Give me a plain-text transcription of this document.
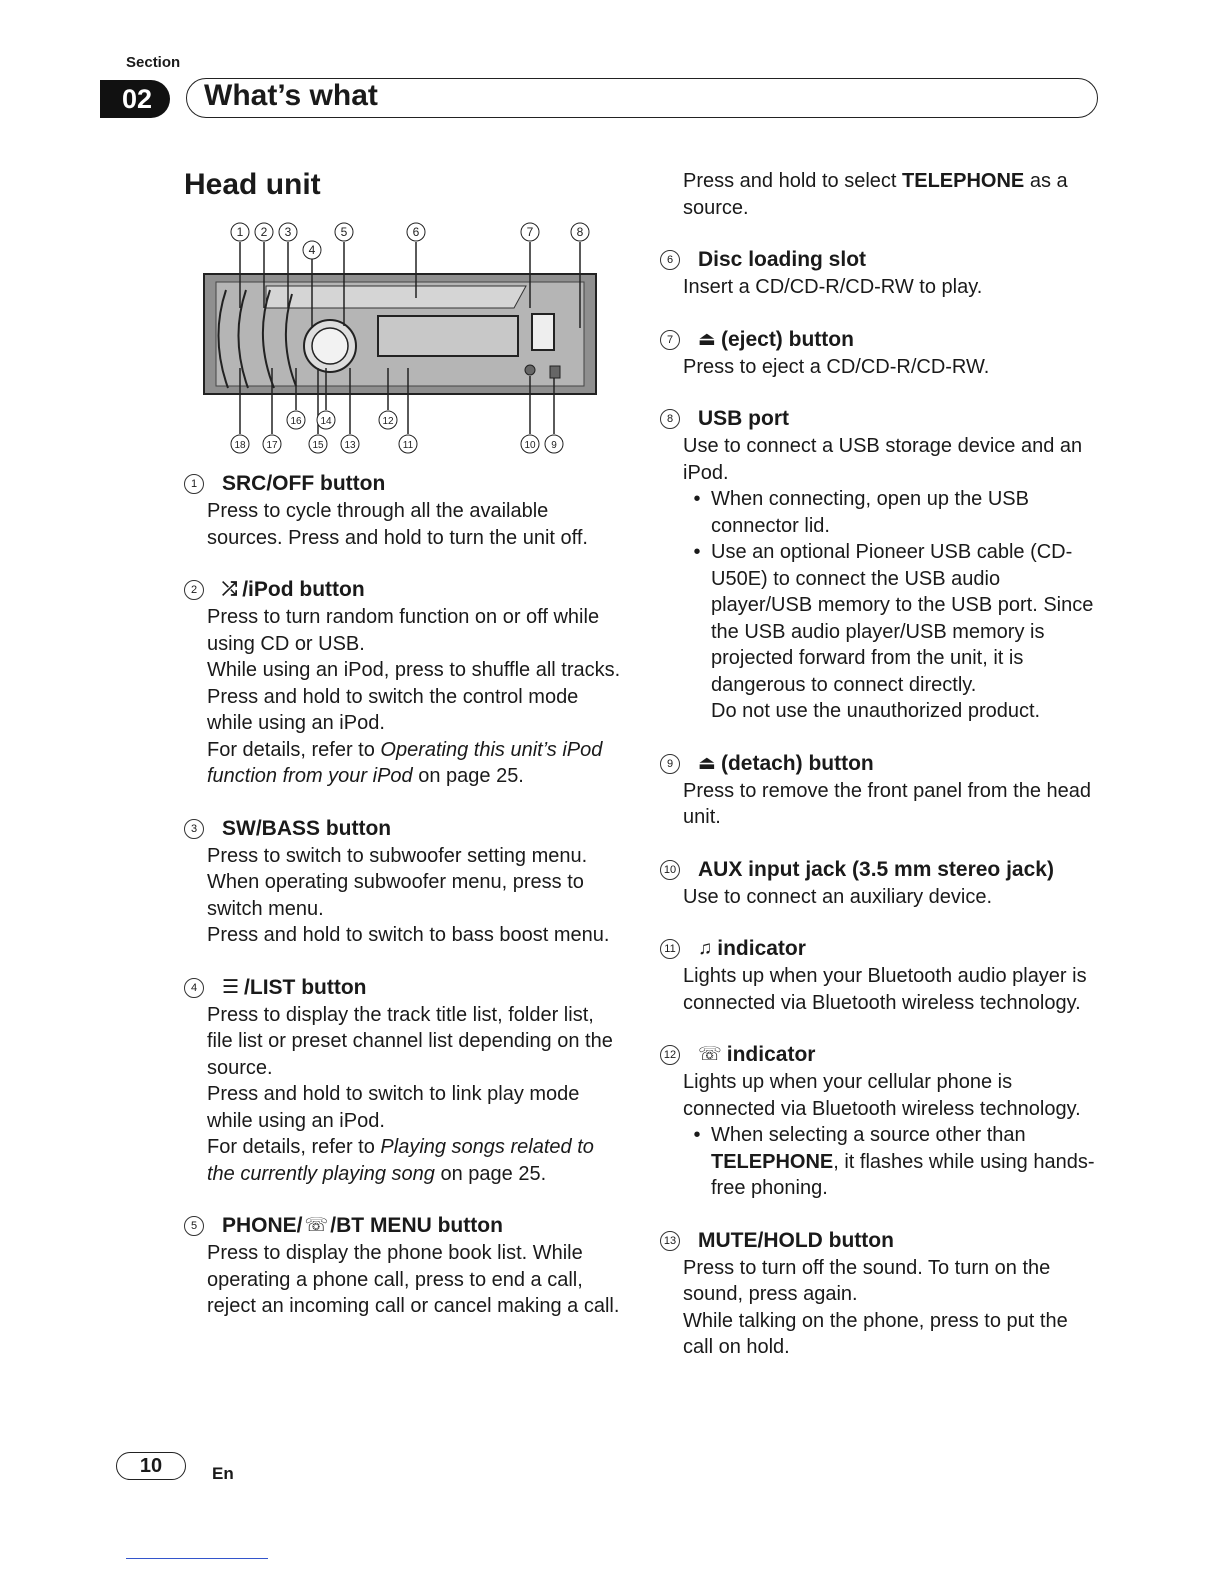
Section
02	What’s what
Head unit
1 2 3
4
5	6	7	8
16 14	12
18 17	15 13	11	10 9
1	SRC/OFF button

Press to cycle through all the available sources. Press and hold to turn the unit off.

2	⤮ /iPod button

Press to turn random function on or off while using CD or USB.

While using an iPod, press to shuffle all tracks.

Press and hold to switch the control mode while using an iPod.

For details, refer to Operating this unit’s iPod function from your iPod on page 25.

3	SW/BASS button

Press to switch to subwoofer setting menu.

When operating subwoofer menu, press to switch menu.

Press and hold to switch to bass boost menu.

4	☰ /LIST button

Press to display the track title list, folder list, file list or preset channel list depending on the source.

Press and hold to switch to link play mode while using an iPod.

For details, refer to Playing songs related to the currently playing song on page 25.

5	PHONE/ ☏ /BT MENU button

Press to display the phone book list. While operating a phone call, press to end a call, reject an incoming call or cancel making a call.

Press and hold to select TELEPHONE as a source.

6	Disc loading slot

Insert a CD/CD-R/CD-RW to play.

7	⏏ (eject) button

Press to eject a CD/CD-R/CD-RW.

8	USB port

Use to connect a USB storage device and an iPod.

• When connecting, open up the USB connector lid.
• Use an optional Pioneer USB cable (CD-U50E) to connect the USB audio player/USB memory to the USB port. Since the USB audio player/USB memory is projected forward from the unit, it is dangerous to connect directly.

Do not use the unauthorized product.

9	⏏ (detach) button

Press to remove the front panel from the head unit.

10 AUX input jack (3.5 mm stereo jack)

Use to connect an auxiliary device.

11 ♫ indicator

Lights up when your Bluetooth audio player is connected via Bluetooth wireless technology.

12 ☏ indicator

Lights up when your cellular phone is connected via Bluetooth wireless technology.

• When selecting a source other than TELEPHONE, it flashes while using hands-free phoning.
13 MUTE/HOLD button

Press to turn off the sound. To turn on the sound, press again.

While talking on the phone, press to put the call on hold.

10	En
